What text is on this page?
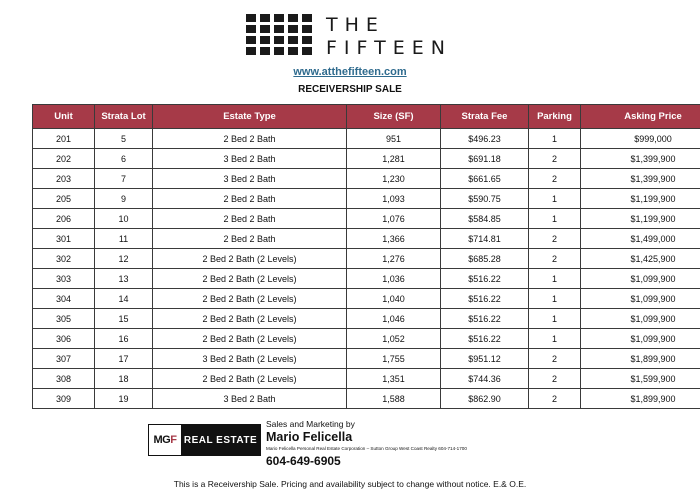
THE
FIFTEEN
www.atthefifteen.com
RECEIVERSHIP SALE
Unit	Strata Lot	Estate Type	Size (SF)	Strata Fee	Parking	Asking Price
201	5	2 Bed 2 Bath	951	$496.23	1	$999,000
202	6	3 Bed 2 Bath	1,281	$691.18	2	$1,399,900
203	7	3 Bed 2 Bath	1,230	$661.65	2	$1,399,900
205	9	2 Bed 2 Bath	1,093	$590.75	1	$1,199,900
206	10	2 Bed 2 Bath	1,076	$584.85	1	$1,199,900
301	11	2 Bed 2 Bath	1,366	$714.81	2	$1,499,000
302	12	2 Bed 2 Bath (2 Levels)	1,276	$685.28	2	$1,425,900
303	13	2 Bed 2 Bath (2 Levels)	1,036	$516.22	1	$1,099,900
304	14	2 Bed 2 Bath (2 Levels)	1,040	$516.22	1	$1,099,900
305	15	2 Bed 2 Bath (2 Levels)	1,046	$516.22	1	$1,099,900
306	16	2 Bed 2 Bath (2 Levels)	1,052	$516.22	1	$1,099,900
307	17	3 Bed 2 Bath (2 Levels)	1,755	$951.12	2	$1,899,900
308	18	2 Bed 2 Bath (2 Levels)	1,351	$744.36	2	$1,599,900
309	19	3 Bed 2 Bath	1,588	$862.90	2	$1,899,900
MG F REAL ESTATE
Sales and Marketing by
Mario Felicella
Mario Felicella Personal Real Estate Corporation – Sutton Group West Coast Realty 604-714-1700
604-649-6905
This is a Receivership Sale. Pricing and availability subject to change without notice. E.& O.E.
